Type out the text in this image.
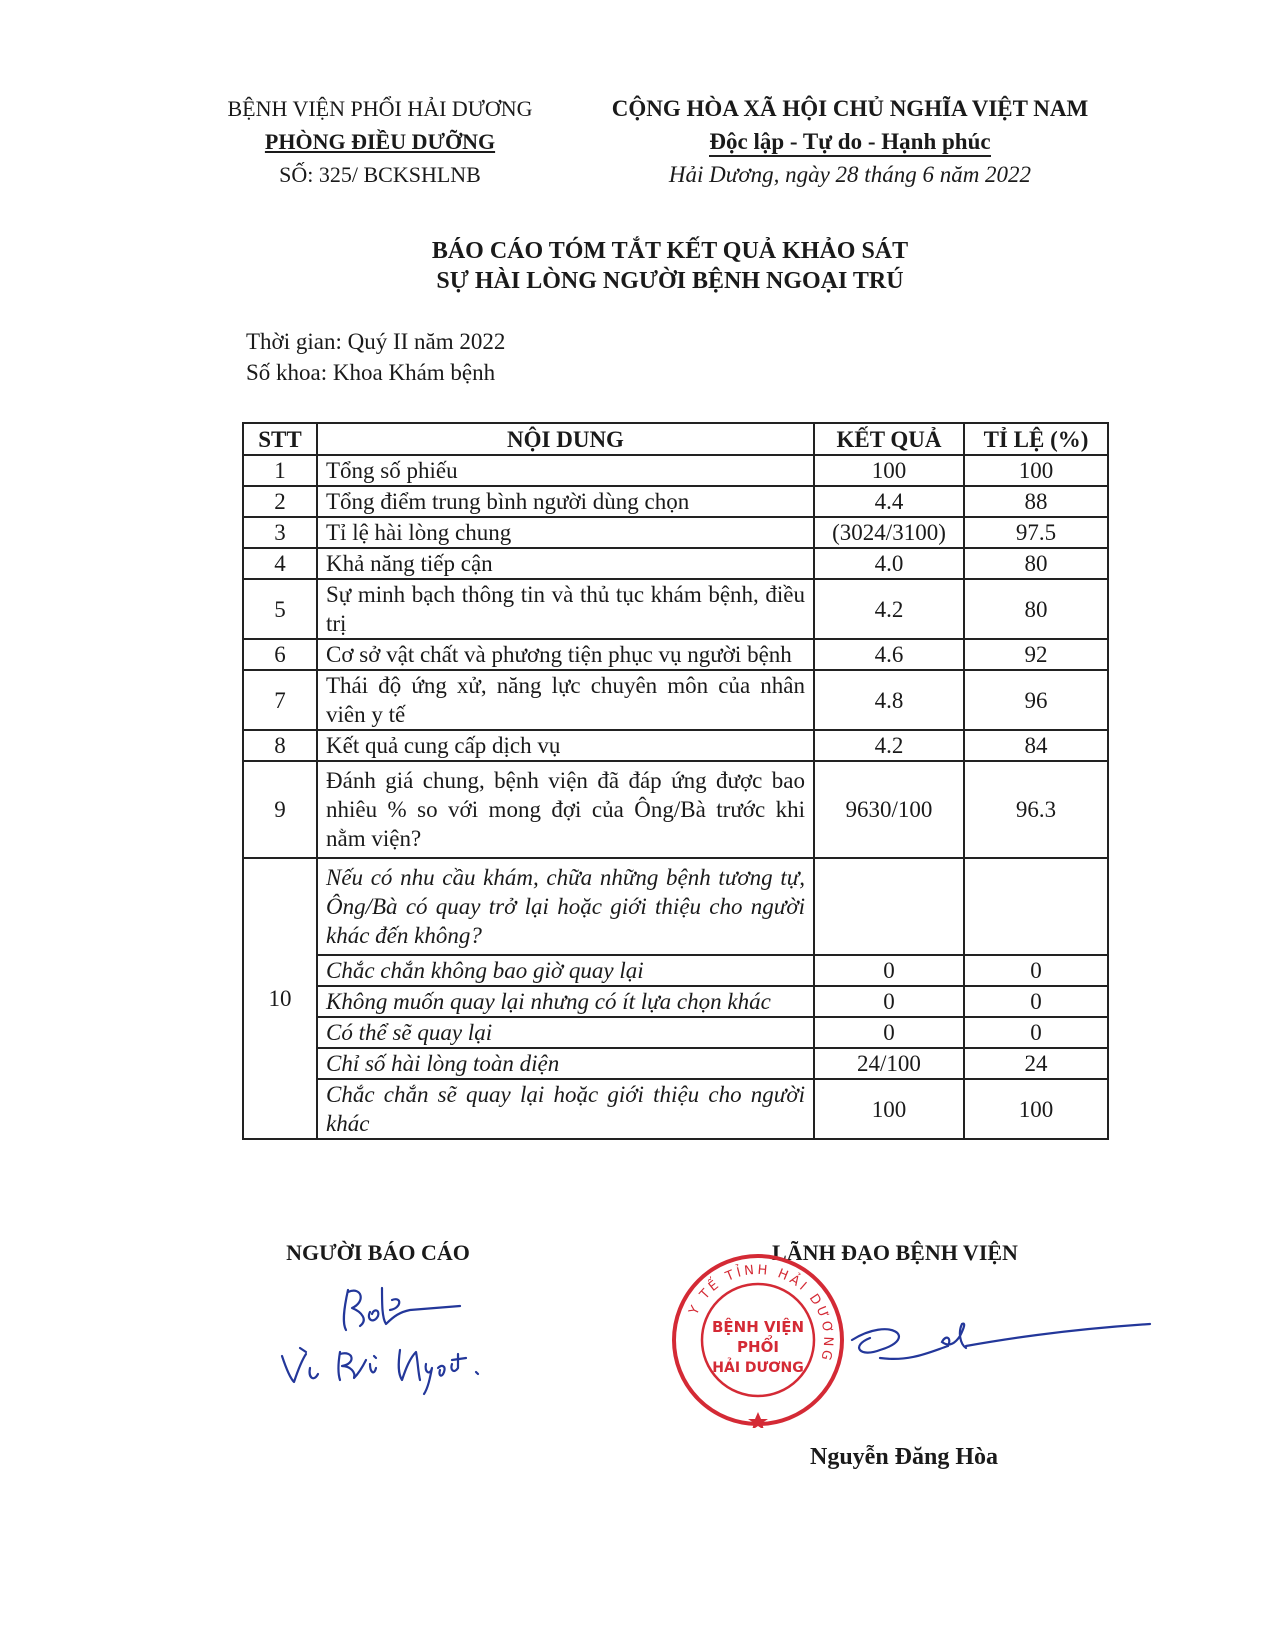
BỆNH VIỆN PHỔI HẢI DƯƠNG
PHÒNG ĐIỀU DƯỠNG
SỐ: 325/ BCKSHLNB
CỘNG HÒA XÃ HỘI CHỦ NGHĨA VIỆT NAM
Độc lập - Tự do - Hạnh phúc
Hải Dương, ngày 28 tháng 6 năm 2022
BÁO CÁO TÓM TẮT KẾT QUẢ KHẢO SÁT
SỰ HÀI LÒNG NGƯỜI BỆNH NGOẠI TRÚ
Thời gian: Quý II năm 2022
Số khoa: Khoa Khám bệnh
STT	NỘI DUNG	KẾT QUẢ	TỈ LỆ (%)
1	Tổng số phiếu	100	100
2	Tổng điểm trung bình người dùng chọn	4.4	88
3	Tỉ lệ hài lòng chung	(3024/3100)	97.5
4	Khả năng tiếp cận	4.0	80
5	Sự minh bạch thông tin và thủ tục khám bệnh, điều trị	4.2	80
6	Cơ sở vật chất và phương tiện phục vụ người bệnh	4.6	92
7	Thái độ ứng xử, năng lực chuyên môn của nhân viên y tế	4.8	96
8	Kết quả cung cấp dịch vụ	4.2	84
9	Đánh giá chung, bệnh viện đã đáp ứng được bao nhiêu % so với mong đợi của Ông/Bà trước khi nằm viện?	9630/100	96.3
10	Nếu có nhu cầu khám, chữa những bệnh tương tự, Ông/Bà có quay trở lại hoặc giới thiệu cho người khác đến không?		
	Chắc chắn không bao giờ quay lại	0	0
	Không muốn quay lại nhưng có ít lựa chọn khác	0	0
	Có thể sẽ quay lại	0	0
	Chỉ số hài lòng toàn diện	24/100	24
	Chắc chắn sẽ quay lại hoặc giới thiệu cho người khác	100	100
NGƯỜI BÁO CÁO	LÃNH ĐẠO BỆNH VIỆN
Y TẾ TỈNH HẢI DƯƠNG
BỆNH VIỆN
PHỔI
HẢI DƯƠNG
Nguyễn Đăng Hòa
